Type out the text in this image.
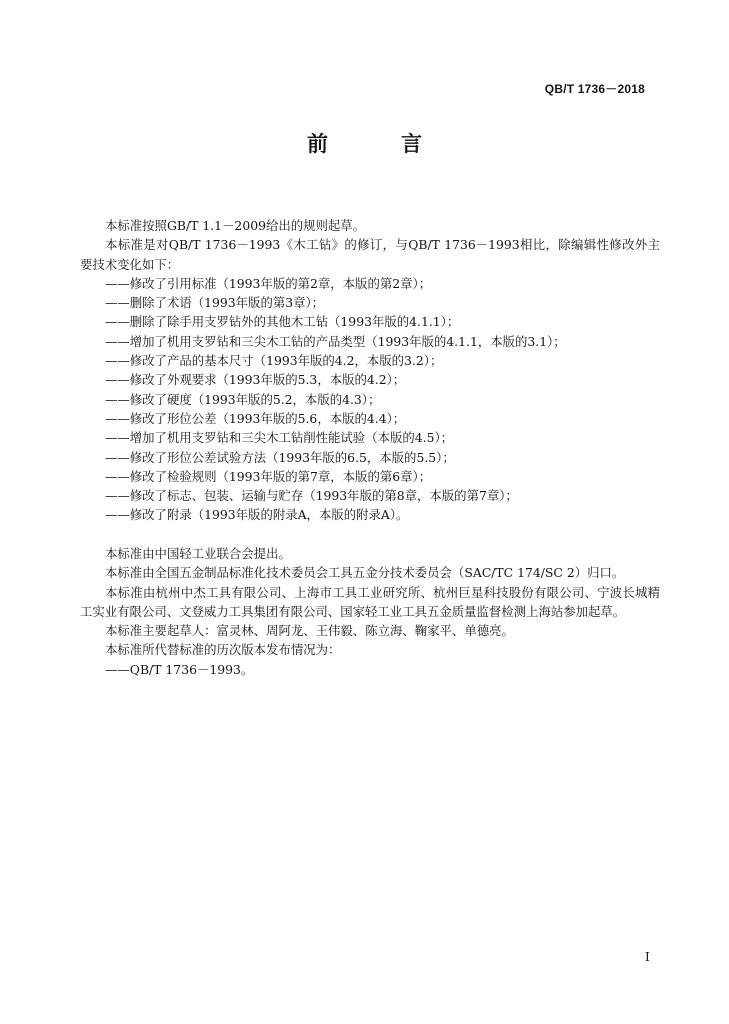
QB/T 1736－2018
前　言

本标准按照GB/T 1.1－2009给出的规则起草。

本标准是对QB/T 1736－1993《木工钻》的修订，与QB/T 1736－1993相比，除编辑性修改外主要技术变化如下：

——修改了引用标准（1993年版的第2章，本版的第2章）；

——删除了术语（1993年版的第3章）；

——删除了除手用支罗钻外的其他木工钻（1993年版的4.1.1）；

——增加了机用支罗钻和三尖木工钻的产品类型（1993年版的4.1.1，本版的3.1）；

——修改了产品的基本尺寸（1993年版的4.2，本版的3.2）；

——修改了外观要求（1993年版的5.3，本版的4.2）；

——修改了硬度（1993年版的5.2，本版的4.3）；

——修改了形位公差（1993年版的5.6，本版的4.4）；

——增加了机用支罗钻和三尖木工钻削性能试验（本版的4.5）；

——修改了形位公差试验方法（1993年版的6.5，本版的5.5）；

——修改了检验规则（1993年版的第7章，本版的第6章）；

——修改了标志、包装、运输与贮存（1993年版的第8章，本版的第7章）；

——修改了附录（1993年版的附录A，本版的附录A）。

本标准由中国轻工业联合会提出。

本标准由全国五金制品标准化技术委员会工具五金分技术委员会（SAC/TC 174/SC 2）归口。

本标准由杭州中杰工具有限公司、上海市工具工业研究所、杭州巨星科技股份有限公司、宁波长城精工实业有限公司、文登威力工具集团有限公司、国家轻工业工具五金质量监督检测上海站参加起草。

本标准主要起草人：富灵林、周阿龙、王伟毅、陈立海、鞠家平、单德亮。

本标准所代替标准的历次版本发布情况为：

——QB/T 1736－1993。

I
